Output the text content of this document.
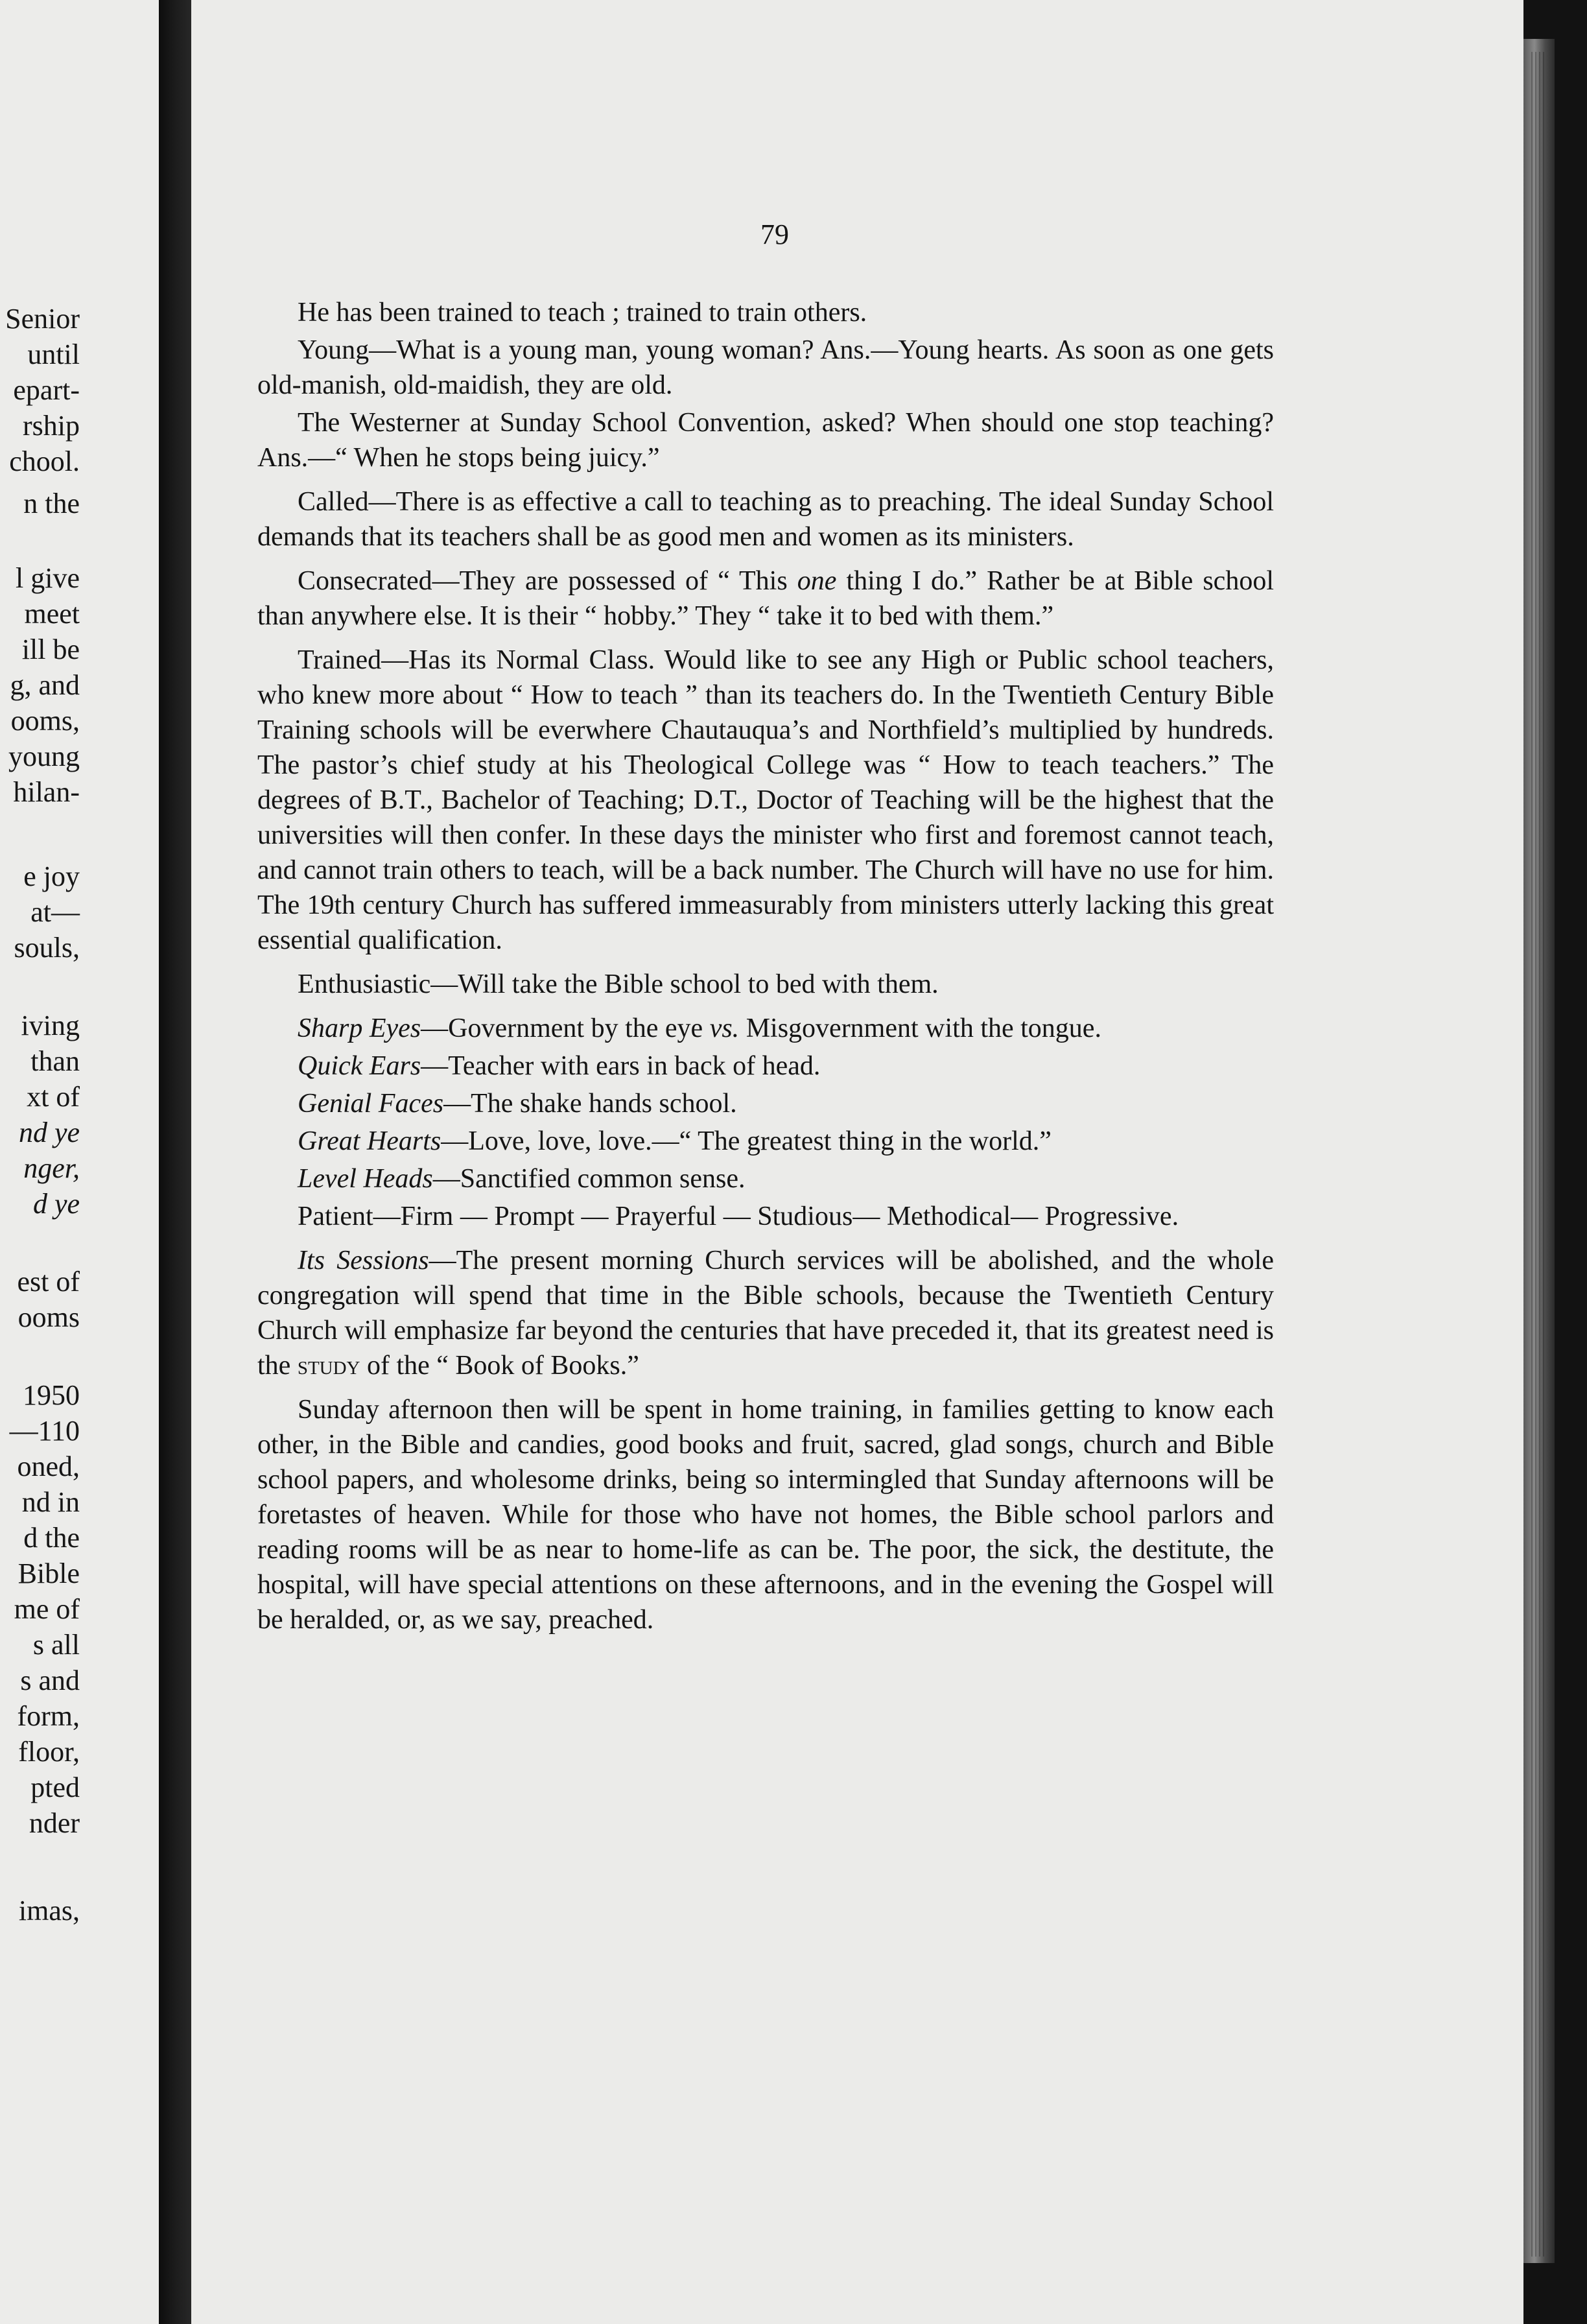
Senior
until
epart-
rship
chool.
n the
l give
meet
ill be
g, and
ooms,
young
hilan-
e joy
at—
souls,
iving
than
xt of
nd ye
nger,
d ye
est of
ooms
1950
—110
oned,
nd in
d the
Bible
me of
s all
s and
form,
floor,
pted
nder
imas,
79

He has been trained to teach ; trained to train others.

Young—What is a young man, young woman? Ans.—Young hearts. As soon as one gets old-manish, old-maidish, they are old.

The Westerner at Sunday School Convention, asked? When should one stop teaching? Ans.—“ When he stops being juicy.”

Called—There is as effective a call to teaching as to preaching. The ideal Sunday School demands that its teachers shall be as good men and women as its ministers.

Consecrated—They are possessed of “ This one thing I do.” Rather be at Bible school than anywhere else. It is their “ hobby.” They “ take it to bed with them.”

Trained—Has its Normal Class. Would like to see any High or Public school teachers, who knew more about “ How to teach ” than its teachers do. In the Twentieth Century Bible Training schools will be everwhere Chautauqua’s and Northfield’s multiplied by hundreds. The pastor’s chief study at his Theological College was “ How to teach teachers.” The degrees of B.T., Bachelor of Teaching; D.T., Doctor of Teaching will be the highest that the universities will then confer. In these days the minister who first and foremost cannot teach, and cannot train others to teach, will be a back number. The Church will have no use for him. The 19th century Church has suffered immeasurably from ministers utterly lacking this great essential qualification.

Enthusiastic—Will take the Bible school to bed with them.

Sharp Eyes—Government by the eye vs. Misgovernment with the tongue.

Quick Ears—Teacher with ears in back of head.

Genial Faces—The shake hands school.

Great Hearts—Love, love, love.—“ The greatest thing in the world.”

Level Heads—Sanctified common sense.

Patient—Firm — Prompt — Prayerful — Studious— Methodical— Progressive.

Its Sessions—The present morning Church services will be abolished, and the whole congregation will spend that time in the Bible schools, because the Twentieth Century Church will emphasize far beyond the centuries that have preceded it, that its greatest need is the study of the “ Book of Books.”

Sunday afternoon then will be spent in home training, in families getting to know each other, in the Bible and candies, good books and fruit, sacred, glad songs, church and Bible school papers, and wholesome drinks, being so intermingled that Sunday afternoons will be foretastes of heaven. While for those who have not homes, the Bible school parlors and reading rooms will be as near to home-life as can be. The poor, the sick, the destitute, the hospital, will have special attentions on these afternoons, and in the evening the Gospel will be heralded, or, as we say, preached.
